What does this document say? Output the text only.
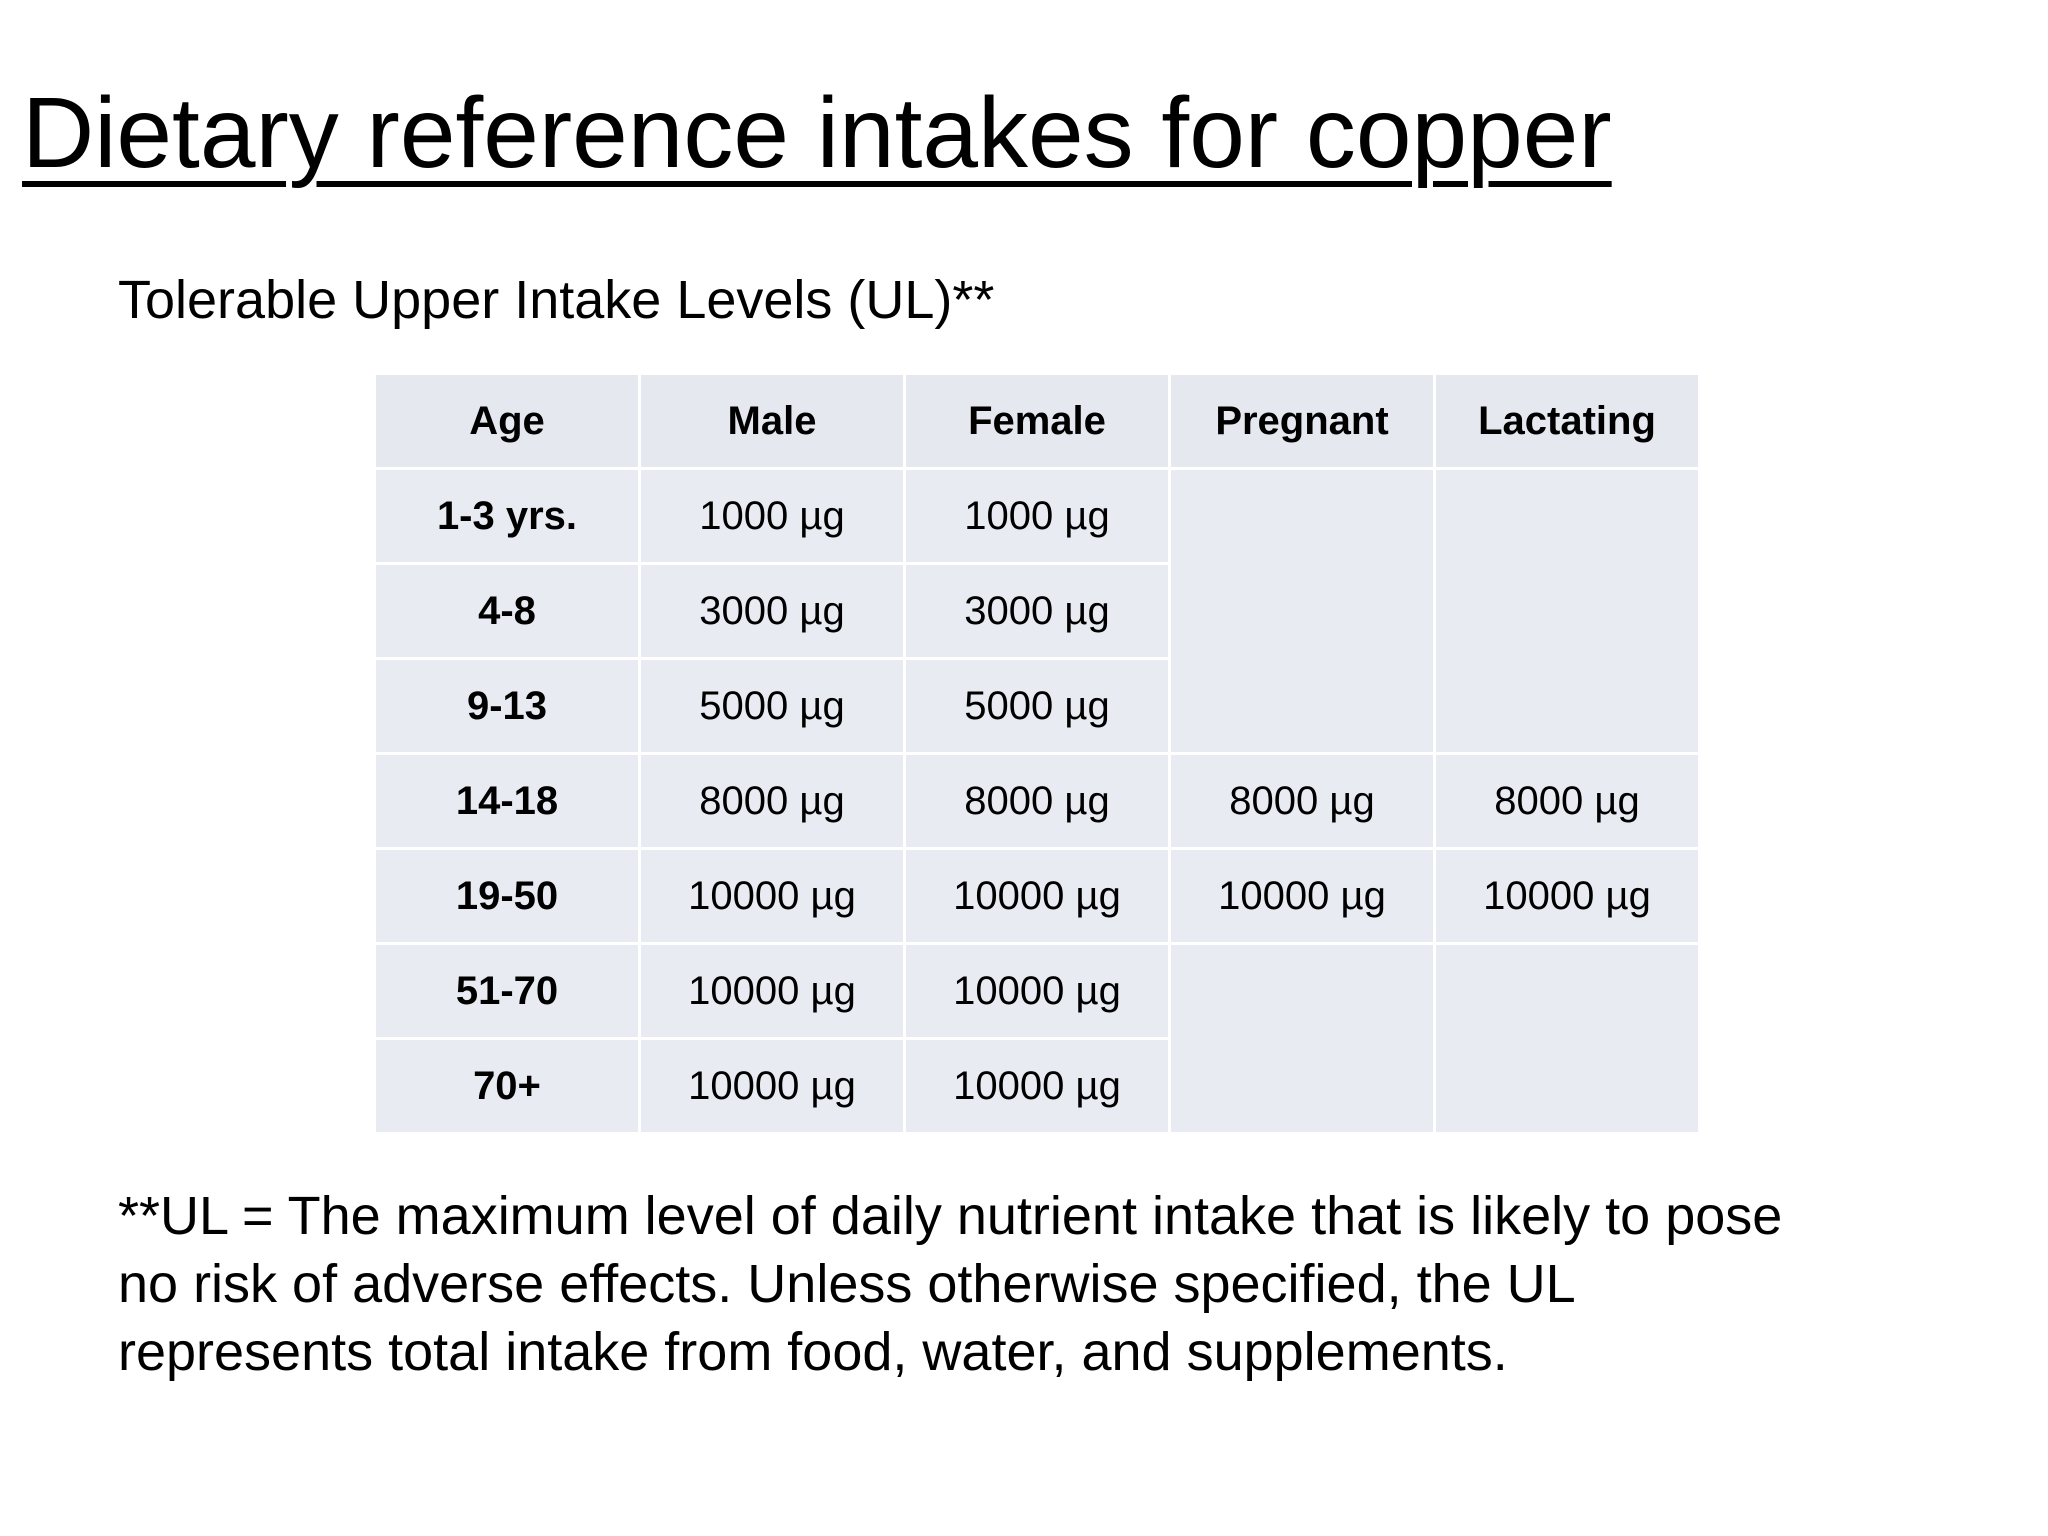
Dietary reference intakes for copper

Tolerable Upper Intake Levels (UL)**

Age	Male	Female	Pregnant	Lactating
1-3 yrs.	1000 µg	1000 µg		
4-8	3000 µg	3000 µg		
9-13	5000 µg	5000 µg		
14-18	8000 µg	8000 µg	8000 µg	8000 µg
19-50	10000 µg	10000 µg	10000 µg	10000 µg
51-70	10000 µg	10000 µg		
70+	10000 µg	10000 µg		

**UL = The maximum level of daily nutrient intake that is likely to pose
no risk of adverse effects. Unless otherwise specified, the UL
represents total intake from food, water, and supplements.
